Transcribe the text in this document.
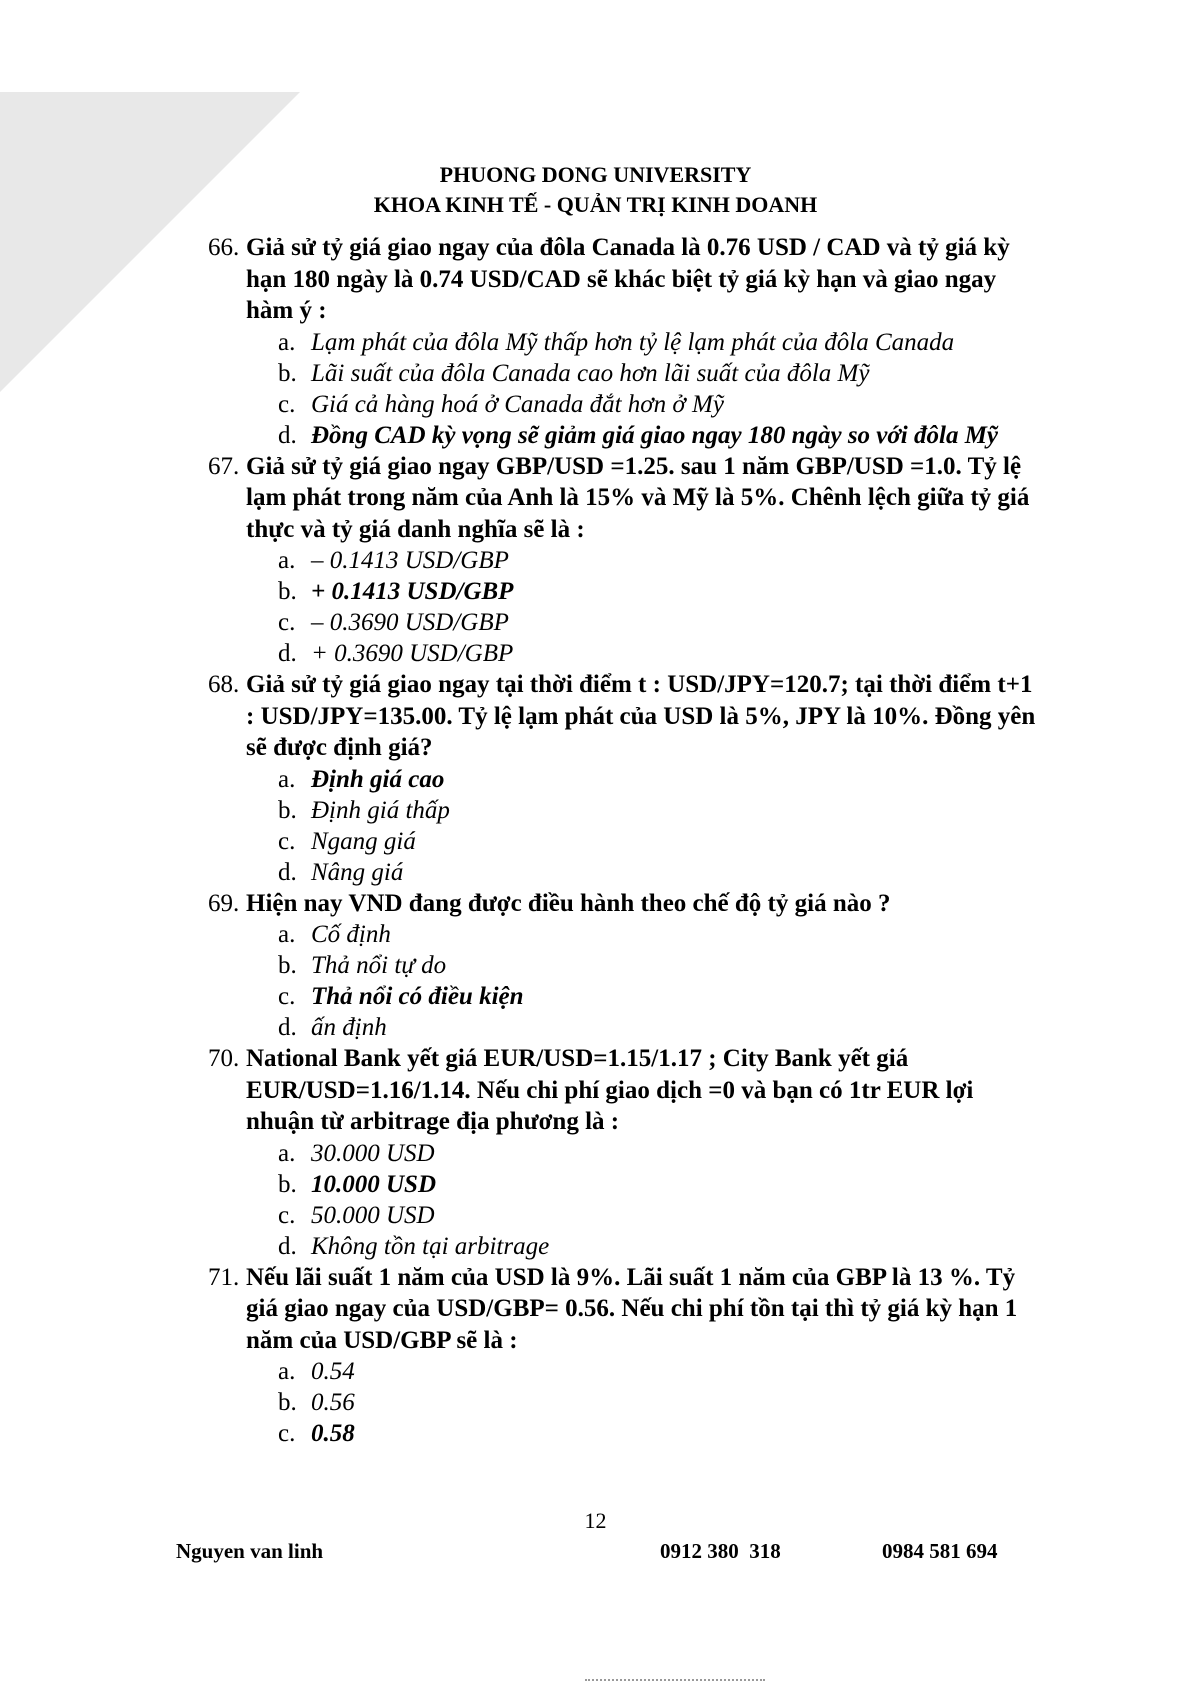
PHUONG DONG UNIVERSITY
KHOA KINH TẾ - QUẢN TRỊ KINH DOANH
66 . Giả sử tỷ giá giao ngay của đôla Canada là 0.76 USD / CAD và tỷ giá kỳ hạn 180 ngày là 0.74 USD/CAD sẽ khác biệt tỷ giá kỳ hạn và giao ngay hàm ý :
a . Lạm phát của đôla Mỹ thấp hơn tỷ lệ lạm phát của đôla Canada
b . Lãi suất của đôla Canada cao hơn lãi suất của đôla Mỹ
c . Giá cả hàng hoá ở Canada đắt hơn ở Mỹ
d . Đồng CAD kỳ vọng sẽ giảm giá giao ngay 180 ngày so với đôla Mỹ
67 . Giả sử tỷ giá giao ngay GBP/USD =1.25. sau 1 năm GBP/USD =1.0. Tỷ lệ lạm phát trong năm của Anh là 15% và Mỹ là 5%. Chênh lệch giữa tỷ giá thực và tỷ giá danh nghĩa sẽ là :
a . – 0.1413 USD/GBP
b . + 0.1413 USD/GBP
c . – 0.3690 USD/GBP
d . + 0.3690 USD/GBP
68 . Giả sử tỷ giá giao ngay tại thời điểm t : USD/JPY=120.7; tại thời điểm t+1 : USD/JPY=135.00. Tỷ lệ lạm phát của USD là 5%, JPY là 10%. Đồng yên sẽ được định giá?
a . Định giá cao
b . Định giá thấp
c . Ngang giá
d . Nâng giá
69 . Hiện nay VND đang được điều hành theo chế độ tỷ giá nào ?
a . Cố định
b . Thả nổi tự do
c . Thả nổi có điều kiện
d . ấn định
70 . National Bank yết giá EUR/USD=1.15/1.17 ; City Bank yết giá EUR/USD=1.16/1.14. Nếu chi phí giao dịch =0 và bạn có 1tr EUR lợi nhuận từ arbitrage địa phương là :
a . 30.000 USD
b . 10.000 USD
c . 50.000 USD
d . Không tồn tại arbitrage
71 . Nếu lãi suất 1 năm của USD là 9%. Lãi suất 1 năm của GBP là 13 %. Tỷ giá giao ngay của USD/GBP= 0.56. Nếu chi phí tồn tại thì tỷ giá kỳ hạn 1 năm của USD/GBP sẽ là :
a . 0.54
b . 0.56
c . 0.58
12
Nguyen van linh	0912 380  318	0984 581 694
